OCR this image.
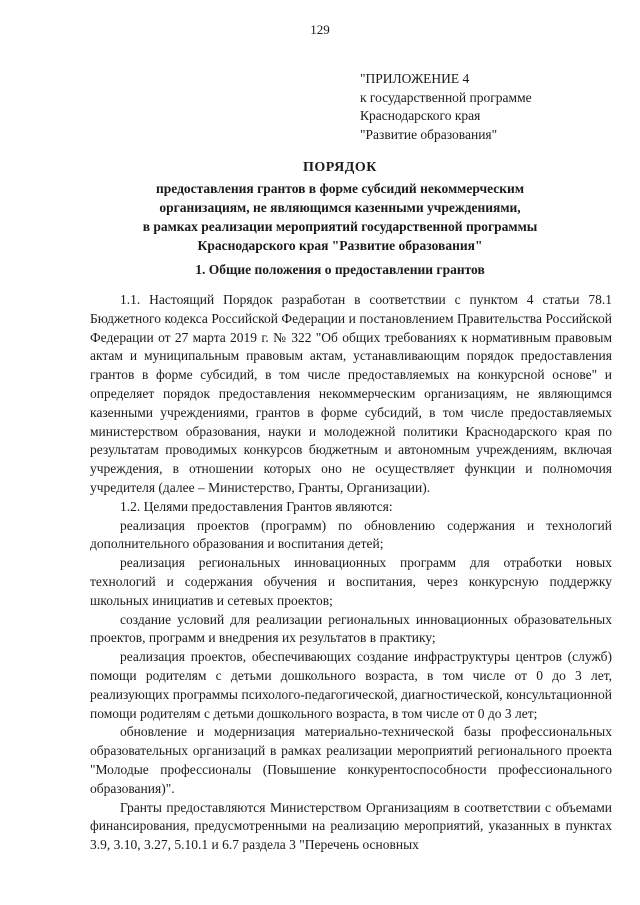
129
"ПРИЛОЖЕНИЕ 4
к государственной программе
Краснодарского края
"Развитие образования"
ПОРЯДОК
предоставления грантов в форме субсидий некоммерческим
организациям, не являющимся казенными учреждениями,
в рамках реализации мероприятий государственной программы
Краснодарского края "Развитие образования"
1. Общие положения о предоставлении грантов

1.1. Настоящий Порядок разработан в соответствии с пунктом 4 статьи 78.1 Бюджетного кодекса Российской Федерации и постановлением Правительства Российской Федерации от 27 марта 2019 г. № 322 "Об общих требованиях к нормативным правовым актам и муниципальным правовым актам, устанавливающим порядок предоставления грантов в форме субсидий, в том числе предоставляемых на конкурсной основе" и определяет порядок предоставления некоммерческим организациям, не являющимся казенными учреждениями, грантов в форме субсидий, в том числе предоставляемых министерством образования, науки и молодежной политики Краснодарского края по результатам проводимых конкурсов бюджетным и автономным учреждениям, включая учреждения, в отношении которых оно не осуществляет функции и полномочия учредителя (далее – Министерство, Гранты, Организации).

1.2. Целями предоставления Грантов являются:

реализация проектов (программ) по обновлению содержания и технологий дополнительного образования и воспитания детей;

реализация региональных инновационных программ для отработки новых технологий и содержания обучения и воспитания, через конкурсную поддержку школьных инициатив и сетевых проектов;

создание условий для реализации региональных инновационных образовательных проектов, программ и внедрения их результатов в практику;

реализация проектов, обеспечивающих создание инфраструктуры центров (служб) помощи родителям с детьми дошкольного возраста, в том числе от 0 до 3 лет, реализующих программы психолого-педагогической, диагностической, консультационной помощи родителям с детьми дошкольного возраста, в том числе от 0 до 3 лет;

обновление и модернизация материально-технической базы профессиональных образовательных организаций в рамках реализации мероприятий регионального проекта "Молодые профессионалы (Повышение конкурентоспособности профессионального образования)".

Гранты предоставляются Министерством Организациям в соответствии с объемами финансирования, предусмотренными на реализацию мероприятий, указанных в пунктах 3.9, 3.10, 3.27, 5.10.1 и 6.7 раздела 3 "Перечень основных
